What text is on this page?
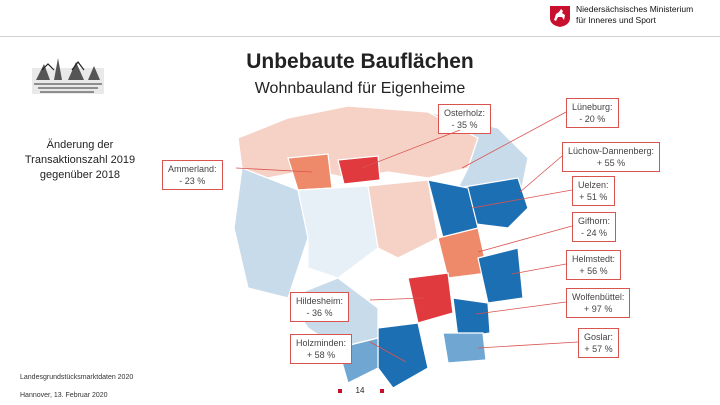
Niedersächsisches Ministerium
für Inneres und Sport
Unbebaute Bauflächen
Wohnbauland für Eigenheime
Änderung der Transaktionszahl 2019 gegenüber 2018
Osterholz:
- 35 %
Lüneburg:
- 20 %
Lüchow-Dannenberg:
+ 55 %
Ammerland:
- 23 %	Uelzen:
+ 51 %
Gifhorn:
- 24 %
Helmstedt:
+ 56 %
Hildesheim:
- 36 %
Wolfenbüttel:
+ 97 %
Holzminden:
+ 58 %
Goslar:
+ 57 %
Landesgrundstücksmarktdaten 2020
Hannover, 13. Februar 2020
14
